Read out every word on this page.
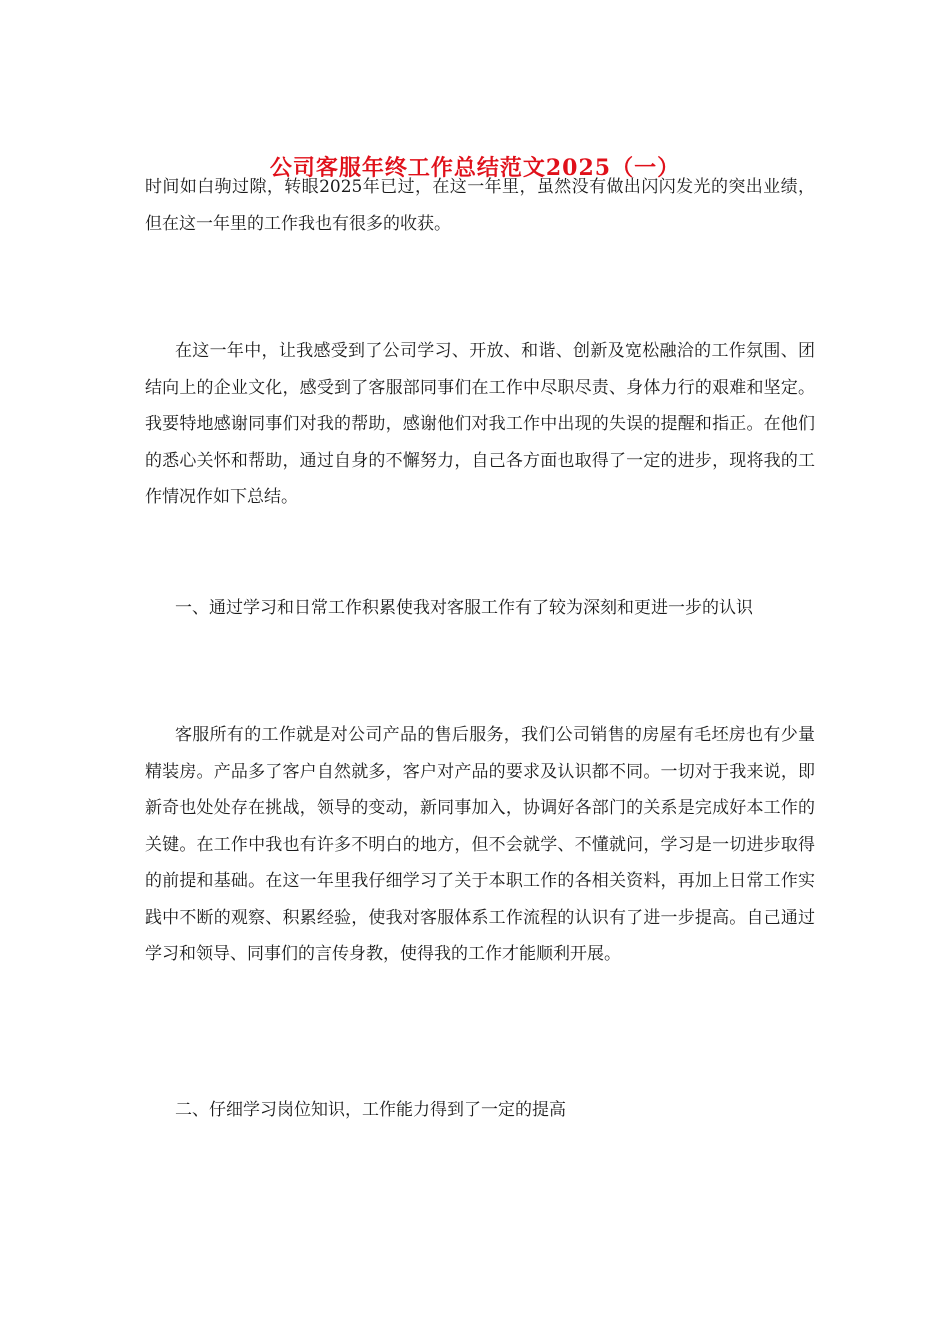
公司客服年终工作总结范文2025（一）

时间如白驹过隙，转眼2025年已过，在这一年里，虽然没有做出闪闪发光的突出业绩，但在这一年里的工作我也有很多的收获。

在这一年中，让我感受到了公司学习、开放、和谐、创新及宽松融洽的工作氛围、团结向上的企业文化，感受到了客服部同事们在工作中尽职尽责、身体力行的艰难和坚定。我要特地感谢同事们对我的帮助，感谢他们对我工作中出现的失误的提醒和指正。在他们的悉心关怀和帮助，通过自身的不懈努力，自己各方面也取得了一定的进步，现将我的工作情况作如下总结。

一、通过学习和日常工作积累使我对客服工作有了较为深刻和更进一步的认识

客服所有的工作就是对公司产品的售后服务，我们公司销售的房屋有毛坯房也有少量精装房。产品多了客户自然就多，客户对产品的要求及认识都不同。一切对于我来说，即新奇也处处存在挑战，领导的变动，新同事加入，协调好各部门的关系是完成好本工作的关键。在工作中我也有许多不明白的地方，但不会就学、不懂就问，学习是一切进步取得的前提和基础。在这一年里我仔细学习了关于本职工作的各相关资料，再加上日常工作实践中不断的观察、积累经验，使我对客服体系工作流程的认识有了进一步提高。自己通过学习和领导、同事们的言传身教，使得我的工作才能顺利开展。

二、仔细学习岗位知识，工作能力得到了一定的提高
